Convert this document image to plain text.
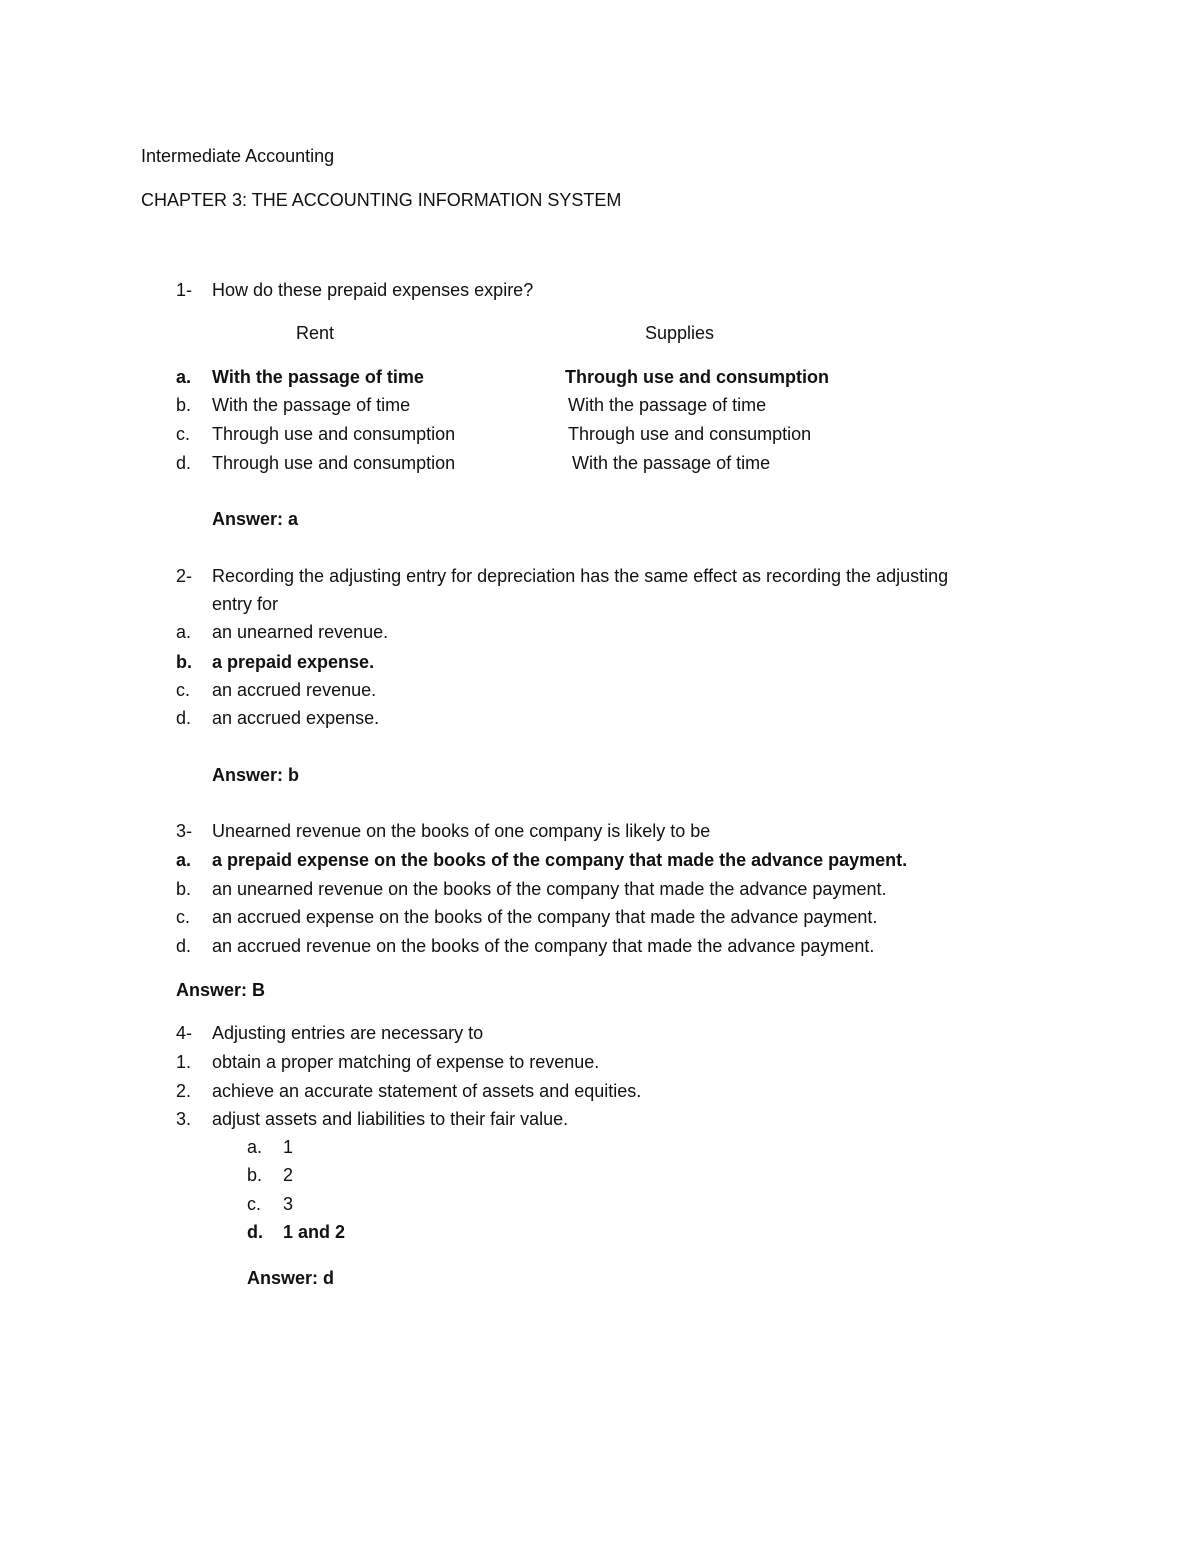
Intermediate Accounting
CHAPTER 3: THE ACCOUNTING INFORMATION SYSTEM
1- How do these prepaid expenses expire?
Rent	Supplies
a. With the passage of time	Through use and consumption
b. With the passage of time	With the passage of time
c. Through use and consumption	Through use and consumption
d. Through use and consumption	With the passage of time
Answer: a
2- Recording the adjusting entry for depreciation has the same effect as recording the adjusting
entry for
a. an unearned revenue.
b. a prepaid expense.
c. an accrued revenue.
d. an accrued expense.
Answer: b
3- Unearned revenue on the books of one company is likely to be
a. a prepaid expense on the books of the company that made the advance payment.
b. an unearned revenue on the books of the company that made the advance payment.
c. an accrued expense on the books of the company that made the advance payment.
d. an accrued revenue on the books of the company that made the advance payment.
Answer: B
4- Adjusting entries are necessary to
1. obtain a proper matching of expense to revenue.
2. achieve an accurate statement of assets and equities.
3. adjust assets and liabilities to their fair value.
a. 1
b. 2
c. 3
d. 1 and 2
Answer: d
